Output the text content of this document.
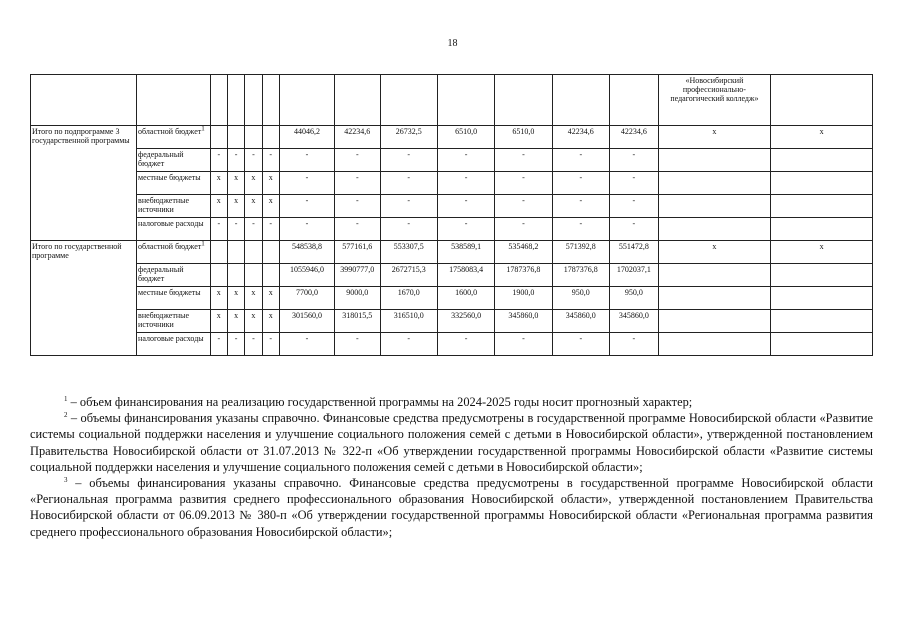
18
													«Новосибирский профессионально-педагогический колледж»	
Итого по подпрограмме 3 государственной программы	областной бюджет$^1$					44046,2	42234,6	26732,5	6510,0	6510,0	42234,6	42234,6	x	x
	федеральный бюджет	-	-	-	-	-	-	-	-	-	-	-		
	местные бюджеты	x	x	x	x	-	-	-	-	-	-	-		
	внебюджетные источники	x	x	x	x	-	-	-	-	-	-	-		
	налоговые расходы	-	-	-	-	-	-	-	-	-	-	-		
Итого по государственной программе	областной бюджет$^1$					548538,8	577161,6	553307,5	538589,1	535468,2	571392,8	551472,8	x	x
	федеральный бюджет					1055946,0	3990777,0	2672715,3	1758083,4	1787376,8	1787376,8	1702037,1		
	местные бюджеты	x	x	x	x	7700,0	9000,0	1670,0	1600,0	1900,0	950,0	950,0		
	внебюджетные источники	x	x	x	x	301560,0	318015,5	316510,0	332560,0	345860,0	345860,0	345860,0		
	налоговые расходы	-	-	-	-	-	-	-	-	-	-	-		

$^1$ – объем финансирования на реализацию государственной программы на 2024-2025 годы носит прогнозный характер;

$^2$ – объемы финансирования указаны справочно. Финансовые средства предусмотрены в государственной программе Новосибирской области «Развитие системы социальной поддержки населения и улучшение социального положения семей с детьми в Новосибирской области», утвержденной постановлением Правительства Новосибирской области от 31.07.2013 № 322-п «Об утверждении государственной программы Новосибирской области «Развитие системы социальной поддержки населения и улучшение социального положения семей с детьми в Новосибирской области»;

$^3$ – объемы финансирования указаны справочно. Финансовые средства предусмотрены в государственной программе Новосибирской области «Региональная программа развития среднего профессионального образования Новосибирской области», утвержденной постановлением Правительства Новосибирской области от 06.09.2013 № 380-п «Об утверждении государственной программы Новосибирской области «Региональная программа развития среднего профессионального образования Новосибирской области»;
